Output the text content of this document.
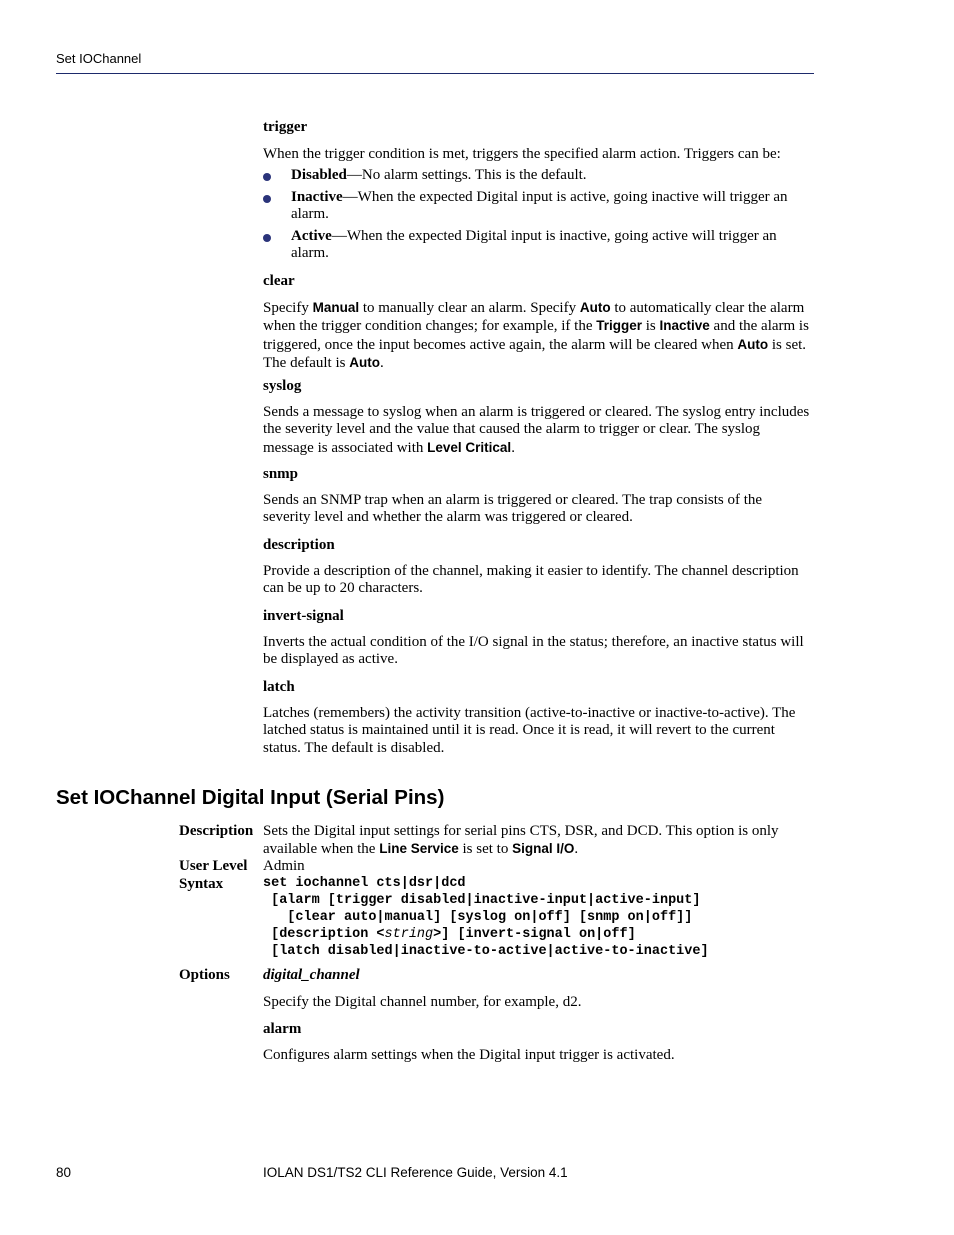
Set IOChannel
trigger

When the trigger condition is met, triggers the specified alarm action. Triggers can be:

Disabled—No alarm settings. This is the default.
Inactive—When the expected Digital input is active, going inactive will trigger an alarm.
Active—When the expected Digital input is inactive, going active will trigger an alarm.
clear

Specify Manual to manually clear an alarm. Specify Auto to automatically clear the alarm when the trigger condition changes; for example, if the Trigger is Inactive and the alarm is triggered, once the input becomes active again, the alarm will be cleared when Auto is set. The default is Auto.

syslog

Sends a message to syslog when an alarm is triggered or cleared. The syslog entry includes the severity level and the value that caused the alarm to trigger or clear. The syslog message is associated with Level Critical.

snmp

Sends an SNMP trap when an alarm is triggered or cleared. The trap consists of the severity level and whether the alarm was triggered or cleared.

description

Provide a description of the channel, making it easier to identify. The channel description can be up to 20 characters.

invert-signal

Inverts the actual condition of the I/O signal in the status; therefore, an inactive status will be displayed as active.

latch

Latches (remembers) the activity transition (active-to-inactive or inactive-to-active). The latched status is maintained until it is read. Once it is read, it will revert to the current status. The default is disabled.

Set IOChannel Digital Input (Serial Pins)
Description Sets the Digital input settings for serial pins CTS, DSR, and DCD. This option is only available when the Line Service is set to Signal I/O.

User Level Admin
Syntax	set iochannel cts|dsr|dcd
[alarm [trigger disabled|inactive-input|active-input]
[clear auto|manual] [syslog on|off] [snmp on|off]]
[description <string>] [invert-signal on|off]
[latch disabled|inactive-to-active|active-to-inactive]
Options digital_channel

Specify the Digital channel number, for example, d2.

alarm

Configures alarm settings when the Digital input trigger is activated.

80	IOLAN DS1/TS2 CLI Reference Guide, Version 4.1
